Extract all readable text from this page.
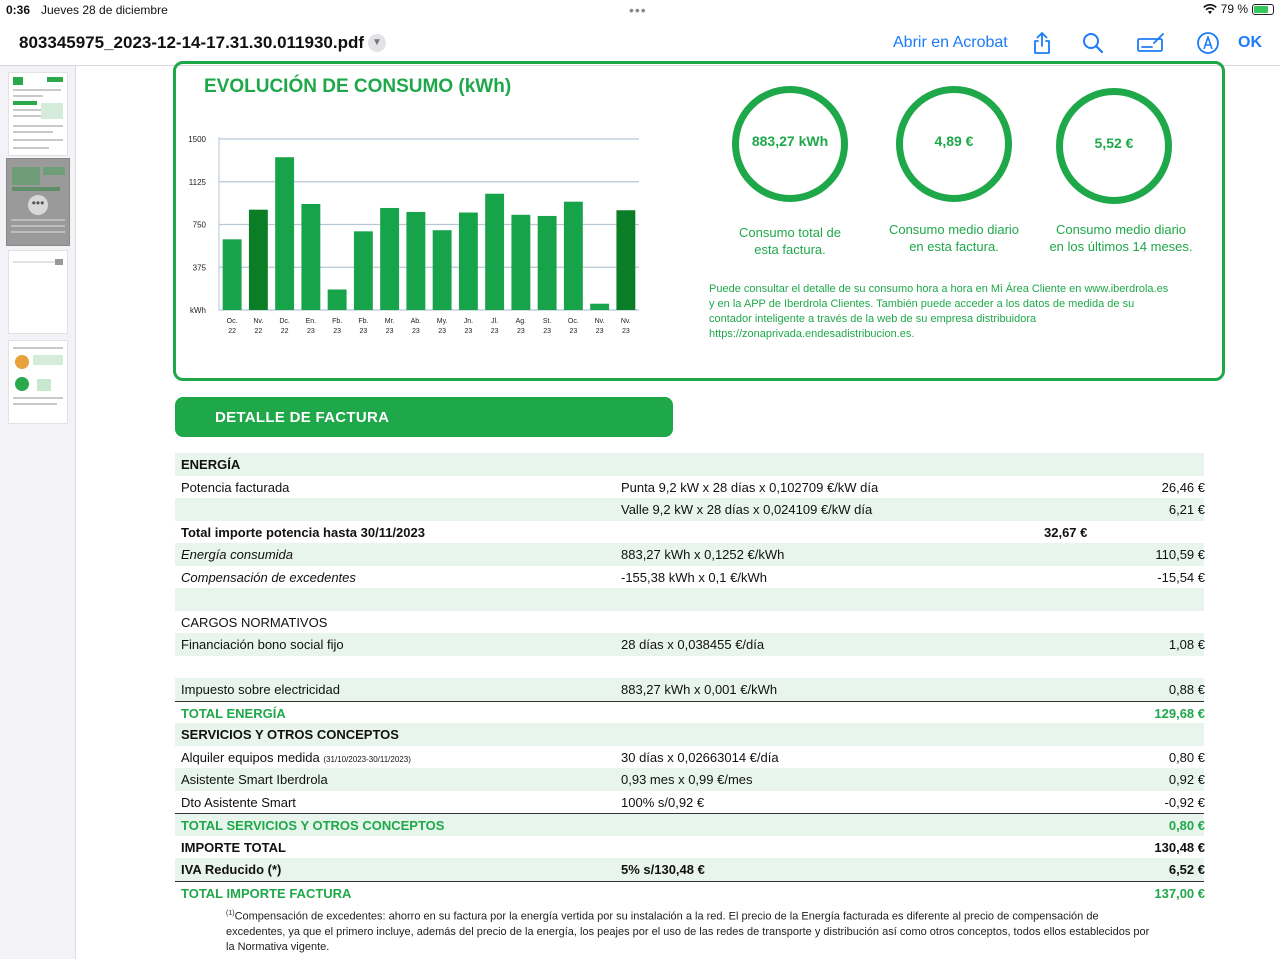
0:36 Jueves 28 de diciembre	•••	79 %
803345975_2023-12-14-17.31.30.011930.pdf ▼	Abrir en Acrobat	OK
•••
EVOLUCIÓN DE CONSUMO (kWh)
1500
1125
750
375
kWh
Oc.
22
Nv.
22
Dc.
22
En.
23
Fb.
23
Fb.
23
Mr.
23
Ab.
23
My.
23
Jn.
23
Jl.
23
Ag.
23
St.
23
Oc.
23
Nv.
23
Nv.
23
883,27 kWh	4,89 €	5,52 €
Consumo total de
esta factura.
Consumo medio diario
en esta factura.
Consumo medio diario
en los últimos 14 meses.
Puede consultar el detalle de su consumo hora a hora en Mi Área Cliente en www.iberdrola.es
y en la APP de Iberdrola Clientes. También puede acceder a los datos de medida de su
contador inteligente a través de la web de su empresa distribuidora
https://zonaprivada.endesadistribucion.es.
DETALLE DE FACTURA
ENERGÍA
Potencia facturada	Punta 9,2 kW x 28 días x 0,102709 €/kW día	26,46 €
Valle 9,2 kW x 28 días x 0,024109 €/kW día	6,21 €
Total importe potencia hasta 30/11/2023	32,67 €
Energía consumida	883,27 kWh x 0,1252 €/kWh	110,59 €
Compensación de excedentes	-155,38 kWh x 0,1 €/kWh	-15,54 €
CARGOS NORMATIVOS
Financiación bono social fijo	28 días x 0,038455 €/día	1,08 €
Impuesto sobre electricidad	883,27 kWh x 0,001 €/kWh	0,88 €
TOTAL ENERGÍA	129,68 €
SERVICIOS Y OTROS CONCEPTOS
Alquiler equipos medida (31/10/2023-30/11/2023)	30 días x 0,02663014 €/día	0,80 €
Asistente Smart Iberdrola	0,93 mes x 0,99 €/mes	0,92 €
Dto Asistente Smart	100% s/0,92 €	-0,92 €
TOTAL SERVICIOS Y OTROS CONCEPTOS	0,80 €
IMPORTE TOTAL	130,48 €
IVA Reducido (*)	5% s/130,48 €	6,52 €
TOTAL IMPORTE FACTURA	137,00 €
$^{(1)}$Compensación de excedentes: ahorro en su factura por la energía vertida por su instalación a la red. El precio de la Energía facturada es diferente al precio de compensación de excedentes, ya que el primero incluye, además del precio de la energía, los peajes por el uso de las redes de transporte y distribución así como otros conceptos, todos ellos establecidos por la Normativa vigente.
